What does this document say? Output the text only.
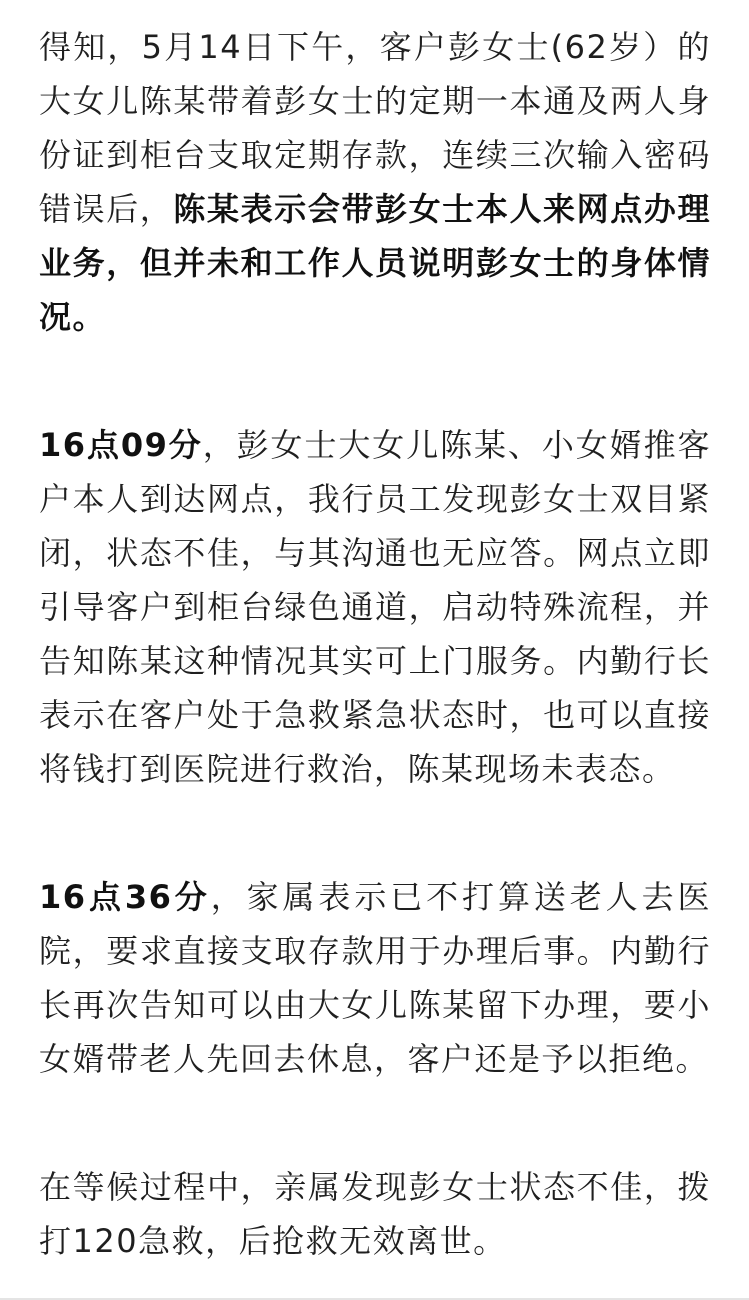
得知，5月14日下午，客户彭女士(62岁）的大女儿陈某带着彭女士的定期一本通及两人身份证到柜台支取定期存款，连续三次输入密码错误后，陈某表示会带彭女士本人来网点办理业务，但并未和工作人员说明彭女士的身体情况。

16点09分，彭女士大女儿陈某、小女婿推客户本人到达网点，我行员工发现彭女士双目紧闭，状态不佳，与其沟通也无应答。网点立即引导客户到柜台绿色通道，启动特殊流程，并告知陈某这种情况其实可上门服务。内勤行长表示在客户处于急救紧急状态时，也可以直接将钱打到医院进行救治，陈某现场未表态。

16点36分，家属表示已不打算送老人去医院，要求直接支取存款用于办理后事。内勤行长再次告知可以由大女儿陈某留下办理，要小女婿带老人先回去休息，客户还是予以拒绝。

在等候过程中，亲属发现彭女士状态不佳，拨打120急救，后抢救无效离世。
